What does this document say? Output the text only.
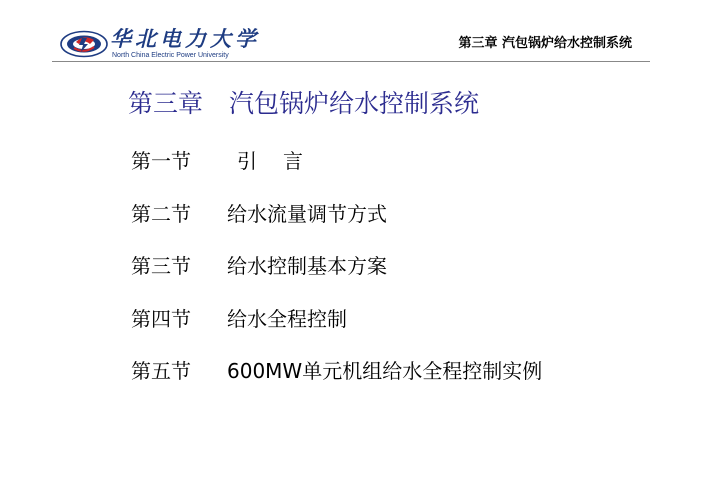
华北电力大学
North China Electric Power University
第三章 汽包锅炉给水控制系统
第三章 汽包锅炉给水控制系统
第一节	引 言
第二节	给水流量调节方式
第三节	给水控制基本方案
第四节	给水全程控制
第五节	600MW单元机组给水全程控制实例
